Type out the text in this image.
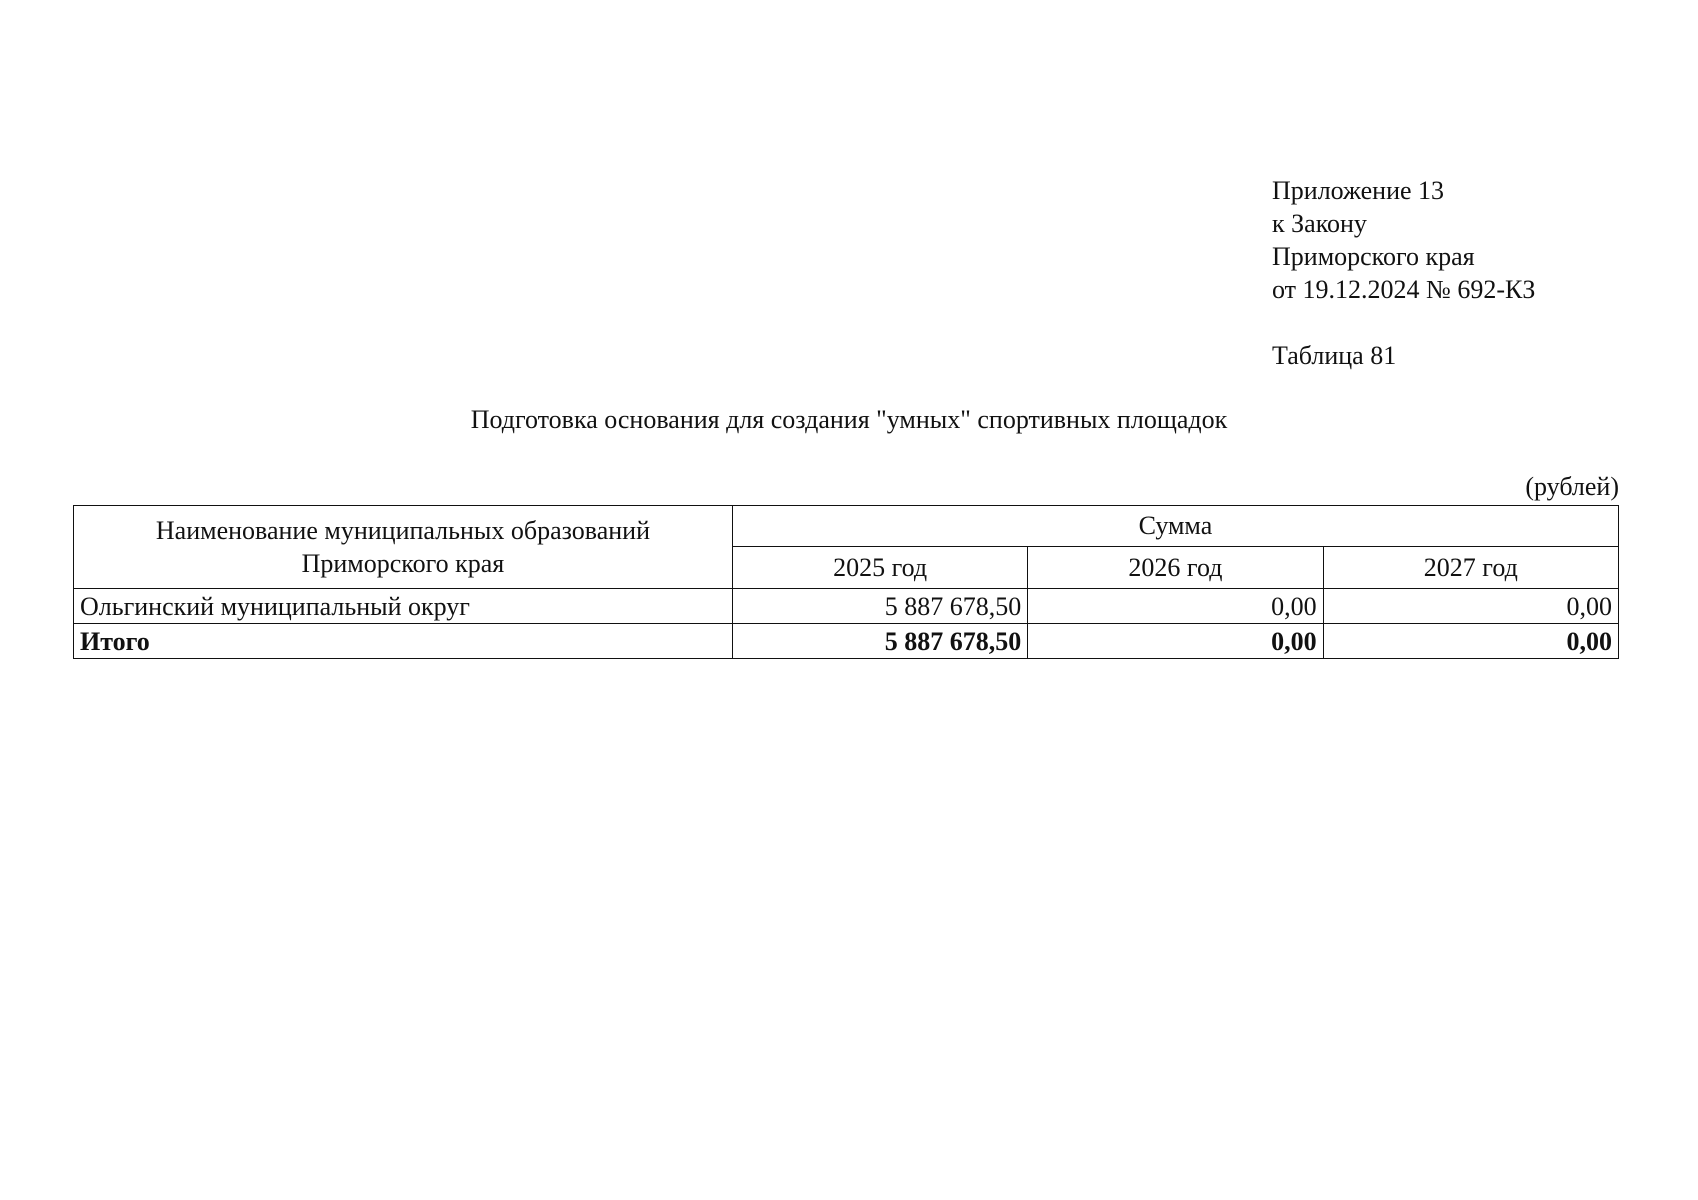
Приложение 13
к Закону
Приморского края
от 19.12.2024 № 692-КЗ
Таблица 81
Подготовка основания для создания "умных" спортивных площадок
(рублей)
Наименование муниципальных образований
Приморского края	Сумма		
	2025 год	2026 год	2027 год
Ольгинский муниципальный округ	5 887 678,50	0,00	0,00
Итого	5 887 678,50	0,00	0,00
